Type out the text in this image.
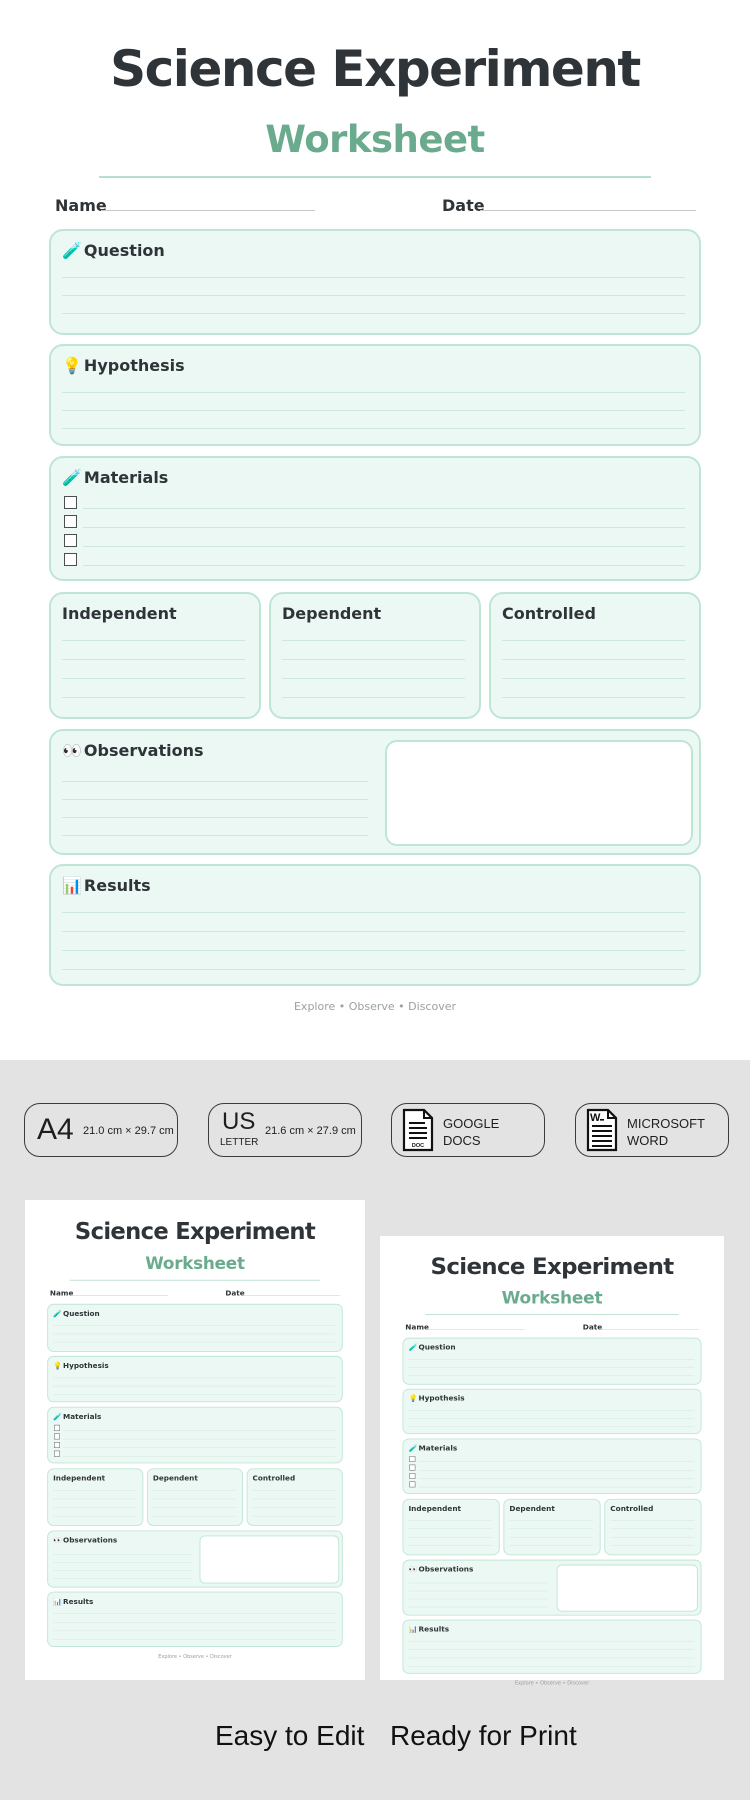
Science Experiment
Worksheet
Name	Date
🧪 Question
💡 Hypothesis
🧪 Materials
Independent	Dependent	Controlled
👀 Observations
📊 Results
Explore • Observe • Discover
A4 21.0 cm × 29.7 cm US
LETTER
21.6 cm × 27.9 cm
DOC
GOOGLE
DOCS
W MICROSOFT
WORD
Science Experiment
Worksheet
Name	Date
🧪Question
💡Hypothesis
🧪Materials
Independent	Dependent	Controlled
👀Observations
📊Results
Explore • Observe • Discover
Science Experiment
Worksheet
Name	Date
🧪Question
💡Hypothesis
🧪Materials
Independent	Dependent	Controlled
👀Observations
📊Results
Explore • Observe • Discover
Easy to Edit Ready for Print
